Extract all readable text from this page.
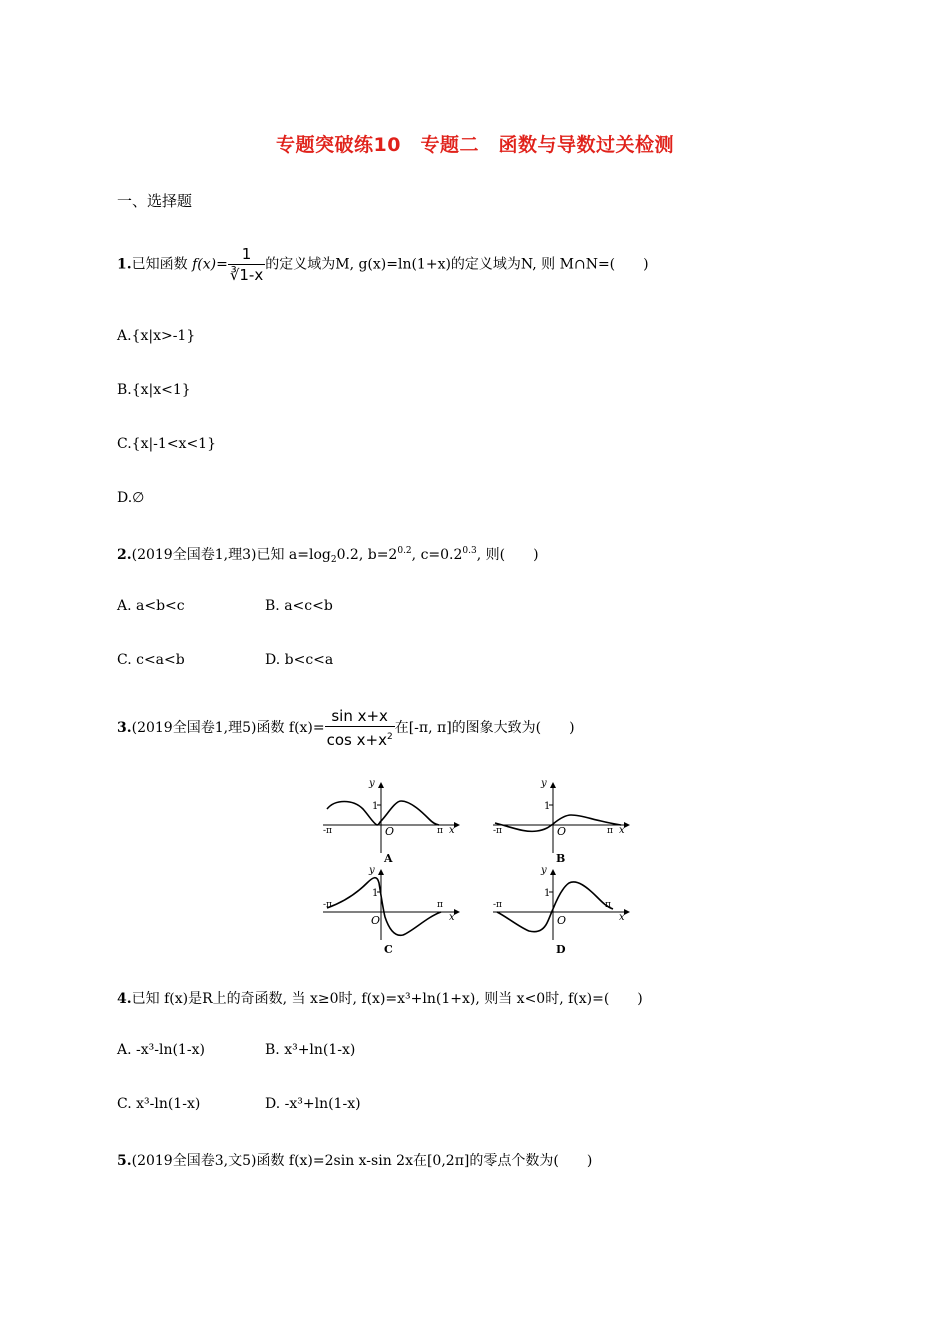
专题突破练10　专题二　函数与导数过关检测
一、选择题
1.已知函数 $f(x)= \frac{1}{∛1-x}$ 的定义域为M, g(x)=ln(1+x)的定义域为N, 则 M∩N=(　　)
A.{x|x>-1}
B.{x|x<1}
C.{x|-1<x<1}
D.∅
2.(2019全国卷1,理3)已知 $a=\log_20.2$, $b=2^{0.2}$, $c=0.2^{0.3}$, 则(　　)
A. a<b<c	B. a<c<b
C. c<a<b	D. b<c<a
3.(2019全国卷1,理5)函数 $f(x)= \frac{\text{sin x+x}}{\cos x+x^2}$ 在[-π, π]的图象大致为(　　)
y
1
O
-π	π x
A
y
1
O
-π	π x
B
y
1
O
-π	π
x
C
y
1
O
-π	π
x
D
4.已知 f(x)是R上的奇函数, 当 x≥0时, f(x)=x³+ln(1+x), 则当 x<0时, f(x)=(　　)
A. -x³-ln(1-x)	B. x³+ln(1-x)
C. x³-ln(1-x)	D. -x³+ln(1-x)
5.(2019全国卷3,文5)函数 f(x)=2sin x-sin 2x在[0,2π]的零点个数为(　　)
